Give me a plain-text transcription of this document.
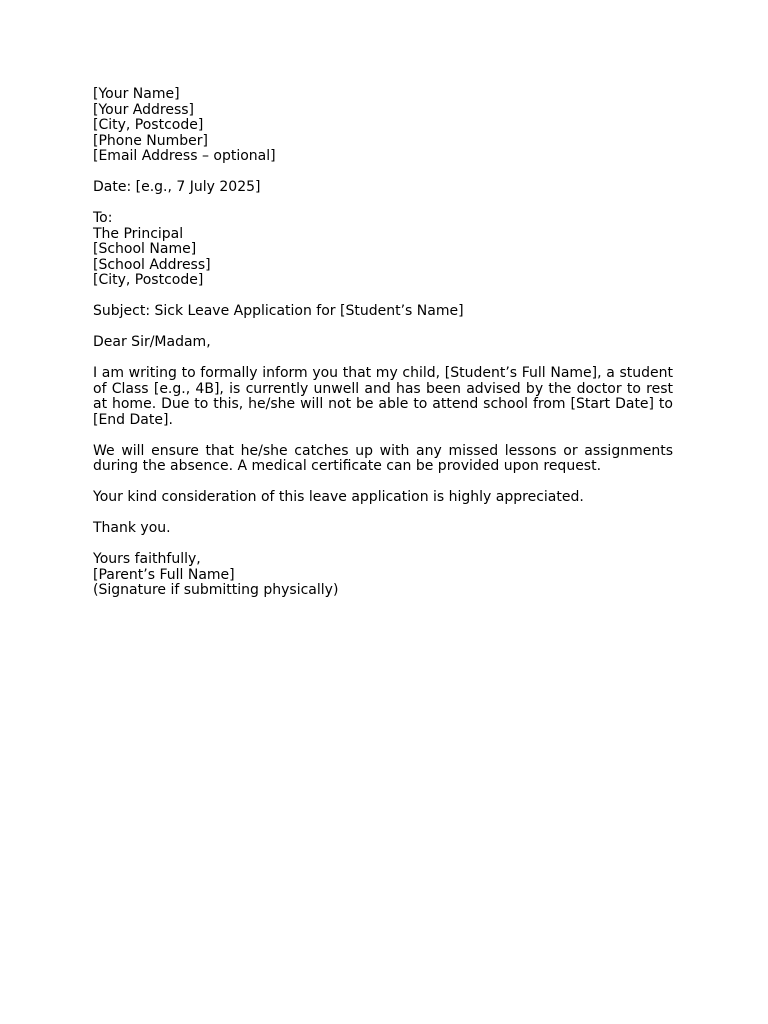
[Your Name]
[Your Address]
[City, Postcode]
[Phone Number]
[Email Address – optional]
Date: [e.g., 7 July 2025]
To:
The Principal
[School Name]
[School Address]
[City, Postcode]
Subject: Sick Leave Application for [Student’s Name]
Dear Sir/Madam,

I am writing to formally inform you that my child, [Student’s Full Name], a student of Class [e.g., 4B], is currently unwell and has been advised by the doctor to rest at home. Due to this, he/she will not be able to attend school from [Start Date] to [End Date].

We will ensure that he/she catches up with any missed lessons or assignments during the absence. A medical certificate can be provided upon request.

Your kind consideration of this leave application is highly appreciated.

Thank you.

Yours faithfully,
[Parent’s Full Name]
(Signature if submitting physically)
